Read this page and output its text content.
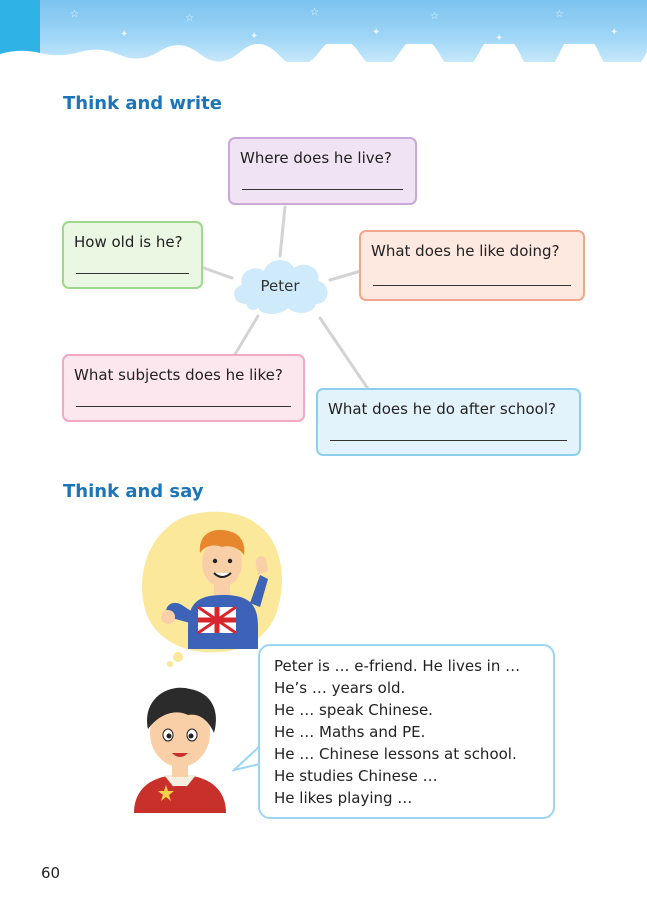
☆
✦
☆
✦
☆
✦
☆
✦
☆
✦
Think and write
Where does he live?
How old is he?	What does he like doing?
What subjects does he like?
What does he do after school?
Peter
Think and say
Peter is … e-friend. He lives in …
He’s … years old.
He … speak Chinese.
He … Maths and PE.
He … Chinese lessons at school.
He studies Chinese …
He likes playing …
60
